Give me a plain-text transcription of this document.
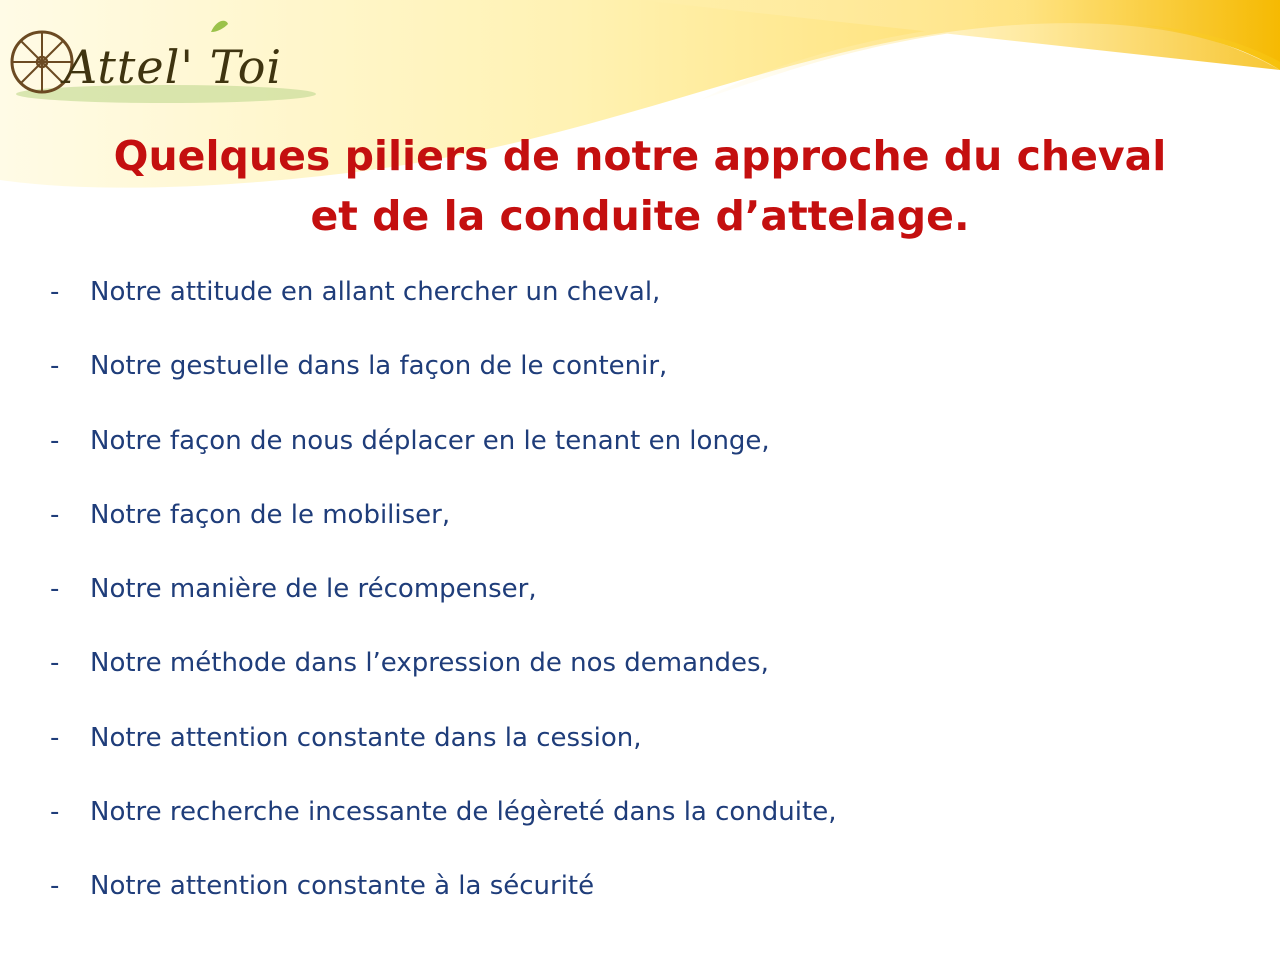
Attel' Toi
Quelques piliers de notre approche du cheval
et de la conduite d’attelage.
- Notre attitude en allant chercher un cheval,
- Notre gestuelle dans la façon de le contenir,
- Notre façon de nous déplacer en le tenant en longe,
- Notre façon de le mobiliser,
- Notre manière de le récompenser,
- Notre méthode dans l’expression de nos demandes,
- Notre attention constante dans la cession,
- Notre recherche incessante de légèreté dans la conduite,
- Notre attention constante à la sécurité
